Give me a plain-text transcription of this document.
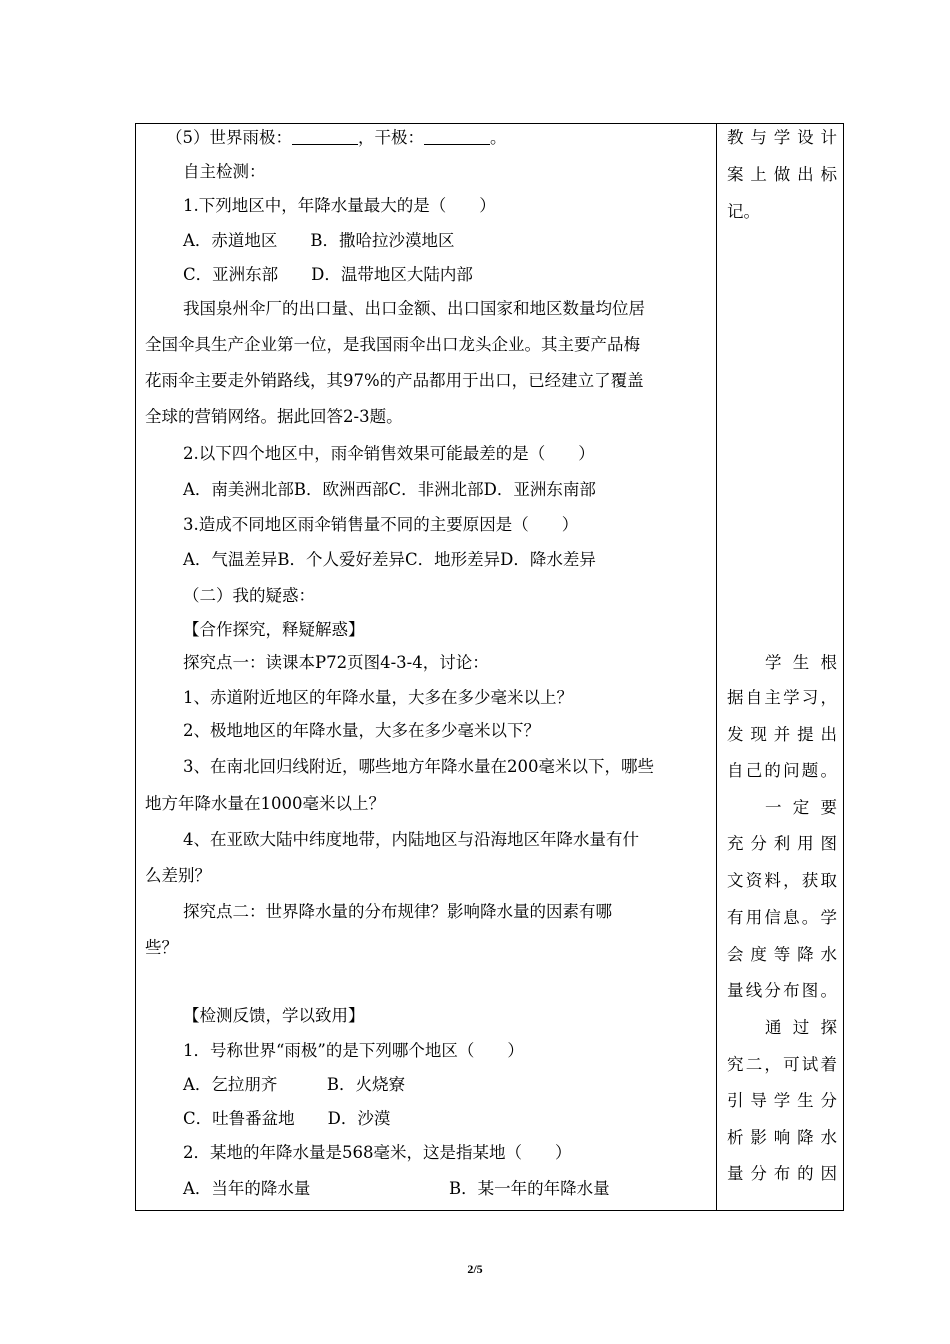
（5）世界雨极：	，干极：	。
自主检测：
1.下列地区中，年降水量最大的是（　　）
A．赤道地区　　B．撒哈拉沙漠地区
C．亚洲东部　　D．温带地区大陆内部
我国泉州伞厂的出口量、出口金额、出口国家和地区数量均位居
全国伞具生产企业第一位，是我国雨伞出口龙头企业。其主要产品梅
花雨伞主要走外销路线，其97%的产品都用于出口，已经建立了覆盖
全球的营销网络。据此回答2-3题。
2.以下四个地区中，雨伞销售效果可能最差的是（　　）
A．南美洲北部B．欧洲西部C．非洲北部D．亚洲东南部
3.造成不同地区雨伞销售量不同的主要原因是（　　）
A．气温差异B．个人爱好差异C．地形差异D．降水差异
（二）我的疑惑：
【合作探究，释疑解惑】
探究点一：读课本P72页图4-3-4，讨论：
1、赤道附近地区的年降水量，大多在多少毫米以上？
2、极地地区的年降水量，大多在多少毫米以下？
3、在南北回归线附近，哪些地方年降水量在200毫米以下，哪些
地方年降水量在1000毫米以上？
4、在亚欧大陆中纬度地带，内陆地区与沿海地区年降水量有什
么差别？
探究点二：世界降水量的分布规律？影响降水量的因素有哪
些？
【检测反馈，学以致用】
1．号称世界“雨极”的是下列哪个地区（　　）
A．乞拉朋齐　　　B．火烧寮
C．吐鲁番盆地　　D．沙漠
2．某地的年降水量是568毫米，这是指某地（　　）
A．当年的降水量	B．某一年的年降水量
教与学设计
案上做出标
记。
学生根
据自主学习，
发现并提出
自己的问题。
一定要
充分利用图
文资料，获取
有用信息。学
会度等降水
量线分布图。
通过探
究二，可试着
引导学生分
析影响降水
量分布的因
2/5
